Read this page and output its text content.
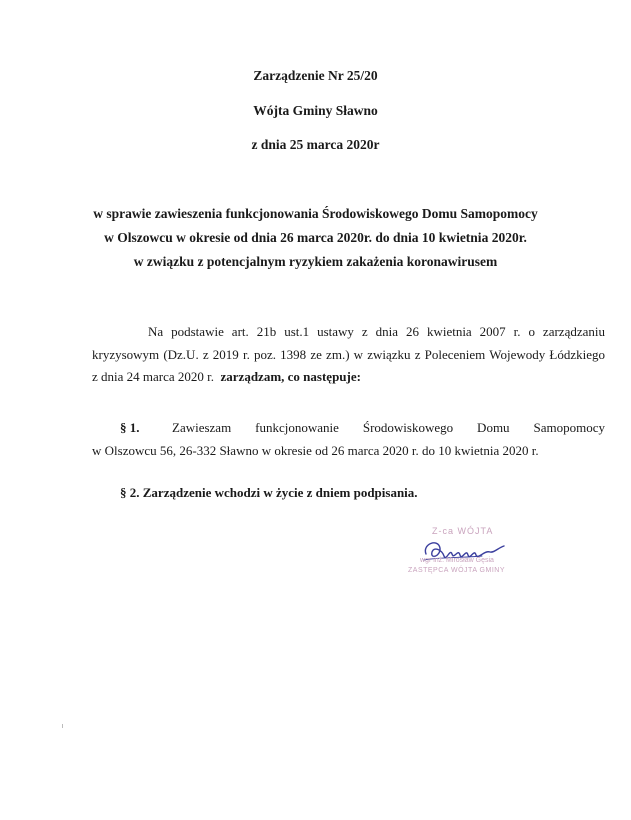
Zarządzenie Nr 25/20
Wójta Gminy Sławno
z dnia 25 marca 2020r
w sprawie zawieszenia funkcjonowania Środowiskowego Domu Samopomocy
w Olszowcu w okresie od dnia 26 marca 2020r. do dnia 10 kwietnia 2020r.
w związku z potencjalnym ryzykiem zakażenia koronawirusem
Na podstawie art. 21b ust.1 ustawy z dnia 26 kwietnia 2007 r. o zarządzaniu
kryzysowym (Dz.U. z 2019 r. poz. 1398 ze zm.) w związku z Poleceniem Wojewody Łódzkiego
z dnia 24 marca 2020 r. zarządzam, co następuje:
§ 1.	Zawieszam funkcjonowanie Środowiskowego Domu Samopomocy
w Olszowcu 56, 26-332 Sławno w okresie od 26 marca 2020 r. do 10 kwietnia 2020 r.
§ 2. Zarządzenie wchodzi w życie z dniem podpisania.
Z-ca WÓJTA
wgr inż. Mirosław Gęsia
ZASTĘPCA WÓJTA GMINY
